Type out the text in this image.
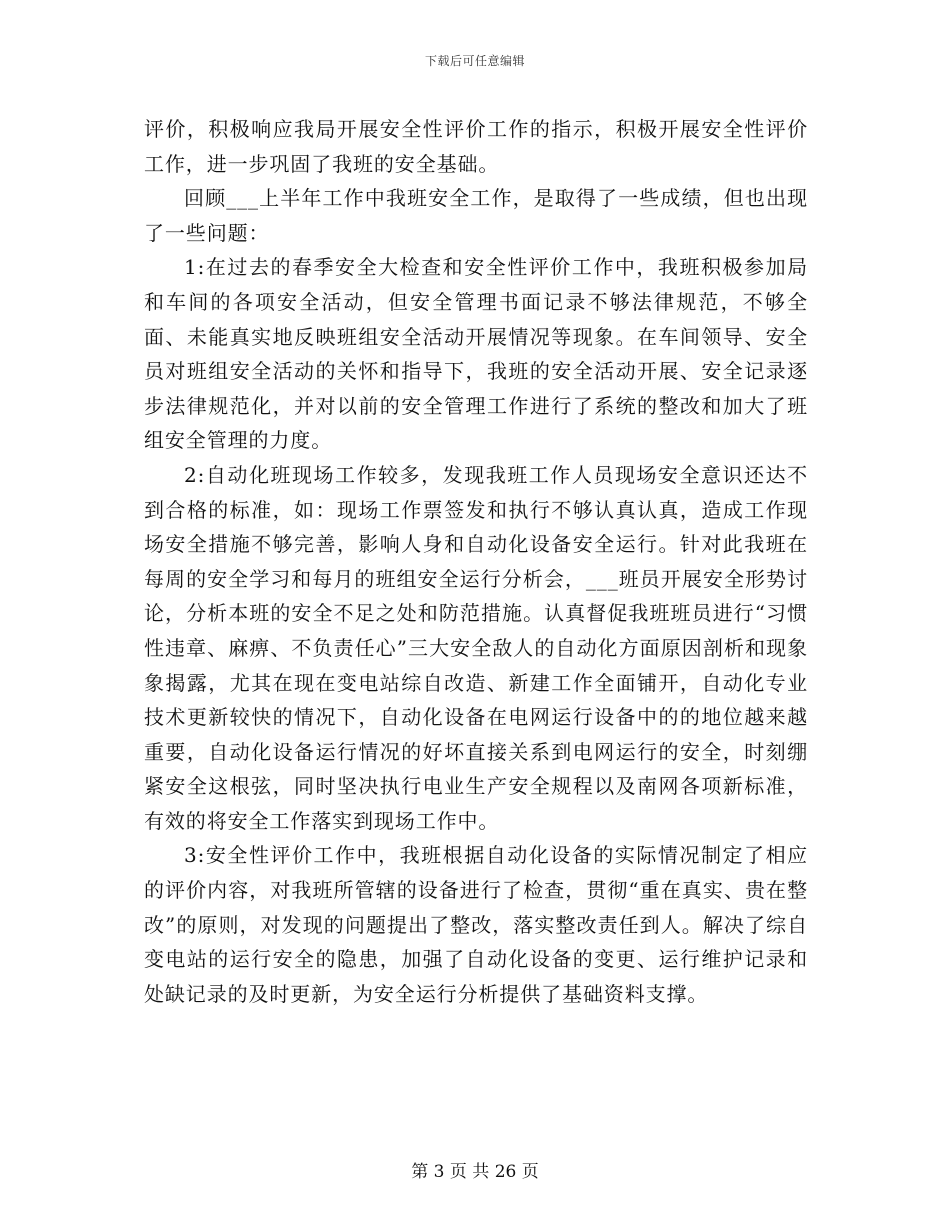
下载后可任意编辑

评价，积极响应我局开展安全性评价工作的指示，积极开展安全性评价工作，进一步巩固了我班的安全基础。

回顾___上半年工作中我班安全工作，是取得了一些成绩，但也出现了一些问题：

1:在过去的春季安全大检查和安全性评价工作中，我班积极参加局和车间的各项安全活动，但安全管理书面记录不够法律规范，不够全面、未能真实地反映班组安全活动开展情况等现象。在车间领导、安全员对班组安全活动的关怀和指导下，我班的安全活动开展、安全记录逐步法律规范化，并对以前的安全管理工作进行了系统的整改和加大了班组安全管理的力度。

2:自动化班现场工作较多，发现我班工作人员现场安全意识还达不到合格的标准，如：现场工作票签发和执行不够认真认真，造成工作现场安全措施不够完善，影响人身和自动化设备安全运行。针对此我班在每周的安全学习和每月的班组安全运行分析会，___班员开展安全形势讨论，分析本班的安全不足之处和防范措施。认真督促我班班员进行“习惯性违章、麻痹、不负责任心”三大安全敌人的自动化方面原因剖析和现象象揭露，尤其在现在变电站综自改造、新建工作全面铺开，自动化专业技术更新较快的情况下，自动化设备在电网运行设备中的的地位越来越重要，自动化设备运行情况的好坏直接关系到电网运行的安全，时刻绷紧安全这根弦，同时坚决执行电业生产安全规程以及南网各项新标准，有效的将安全工作落实到现场工作中。

3:安全性评价工作中，我班根据自动化设备的实际情况制定了相应的评价内容，对我班所管辖的设备进行了检查，贯彻“重在真实、贵在整改”的原则，对发现的问题提出了整改，落实整改责任到人。解决了综自变电站的运行安全的隐患，加强了自动化设备的变更、运行维护记录和处缺记录的及时更新，为安全运行分析提供了基础资料支撑。

第 3 页 共 26 页
